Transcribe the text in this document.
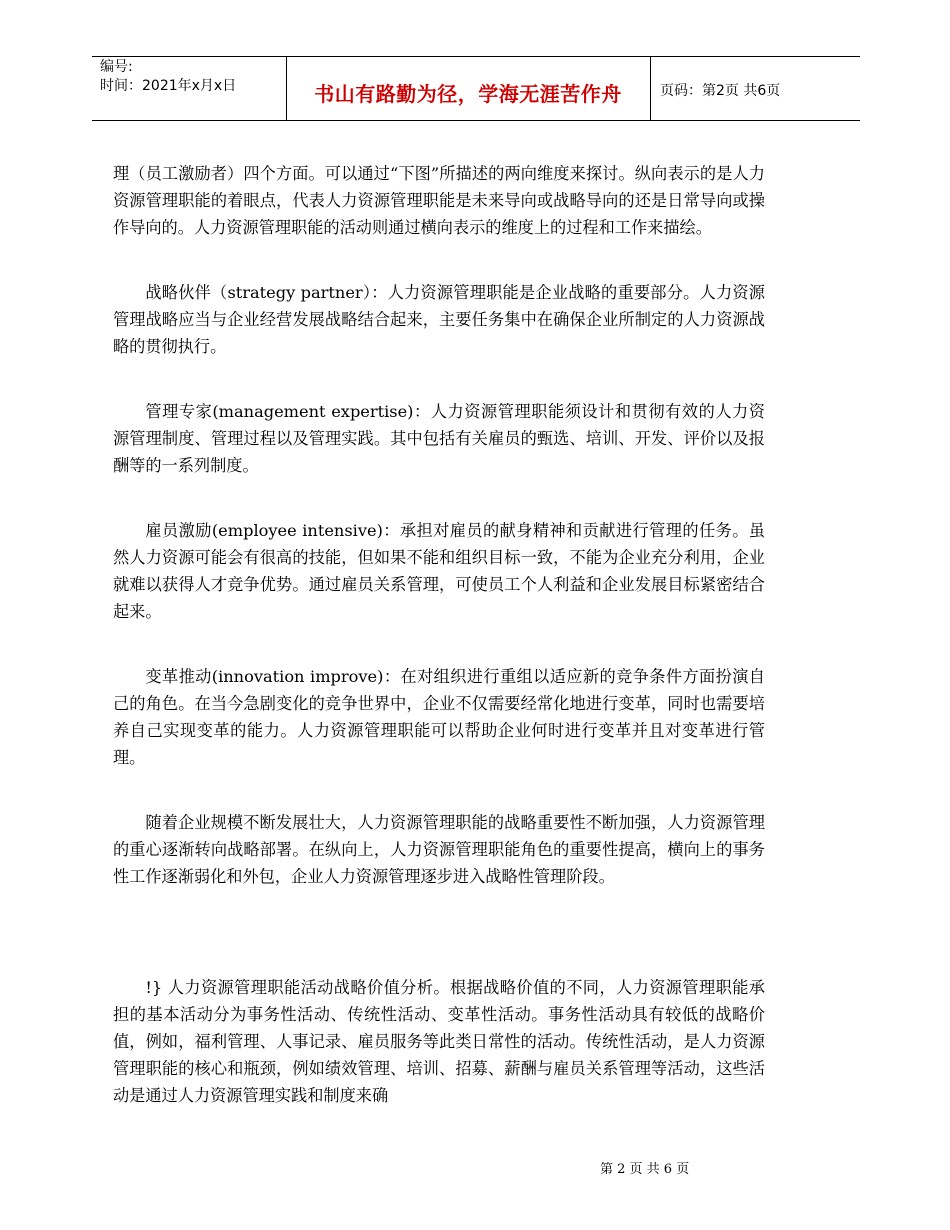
编号:
时间：2021年x月x日	书山有路勤为径，学海无涯苦作舟	页码：第2页 共6页

理（员工激励者）四个方面。可以通过“下图”所描述的两向维度来探讨。纵向表示的是人力资源管理职能的着眼点，代表人力资源管理职能是未来导向或战略导向的还是日常导向或操作导向的。人力资源管理职能的活动则通过横向表示的维度上的过程和工作来描绘。

战略伙伴（strategy partner）：人力资源管理职能是企业战略的重要部分。人力资源管理战略应当与企业经营发展战略结合起来，主要任务集中在确保企业所制定的人力资源战略的贯彻执行。

管理专家(management expertise)：人力资源管理职能须设计和贯彻有效的人力资源管理制度、管理过程以及管理实践。其中包括有关雇员的甄选、培训、开发、评价以及报酬等的一系列制度。

雇员激励(employee intensive)：承担对雇员的献身精神和贡献进行管理的任务。虽然人力资源可能会有很高的技能，但如果不能和组织目标一致，不能为企业充分利用，企业就难以获得人才竞争优势。通过雇员关系管理，可使员工个人利益和企业发展目标紧密结合起来。

变革推动(innovation improve)：在对组织进行重组以适应新的竞争条件方面扮演自己的角色。在当今急剧变化的竞争世界中，企业不仅需要经常化地进行变革，同时也需要培养自己实现变革的能力。人力资源管理职能可以帮助企业何时进行变革并且对变革进行管理。

随着企业规模不断发展壮大，人力资源管理职能的战略重要性不断加强，人力资源管理的重心逐渐转向战略部署。在纵向上，人力资源管理职能角色的重要性提高，横向上的事务性工作逐渐弱化和外包，企业人力资源管理逐步进入战略性管理阶段。

!} 人力资源管理职能活动战略价值分析。根据战略价值的不同，人力资源管理职能承担的基本活动分为事务性活动、传统性活动、变革性活动。事务性活动具有较低的战略价值，例如，福利管理、人事记录、雇员服务等此类日常性的活动。传统性活动，是人力资源管理职能的核心和瓶颈，例如绩效管理、培训、招募、薪酬与雇员关系管理等活动，这些活动是通过人力资源管理实践和制度来确

第 2 页 共 6 页
